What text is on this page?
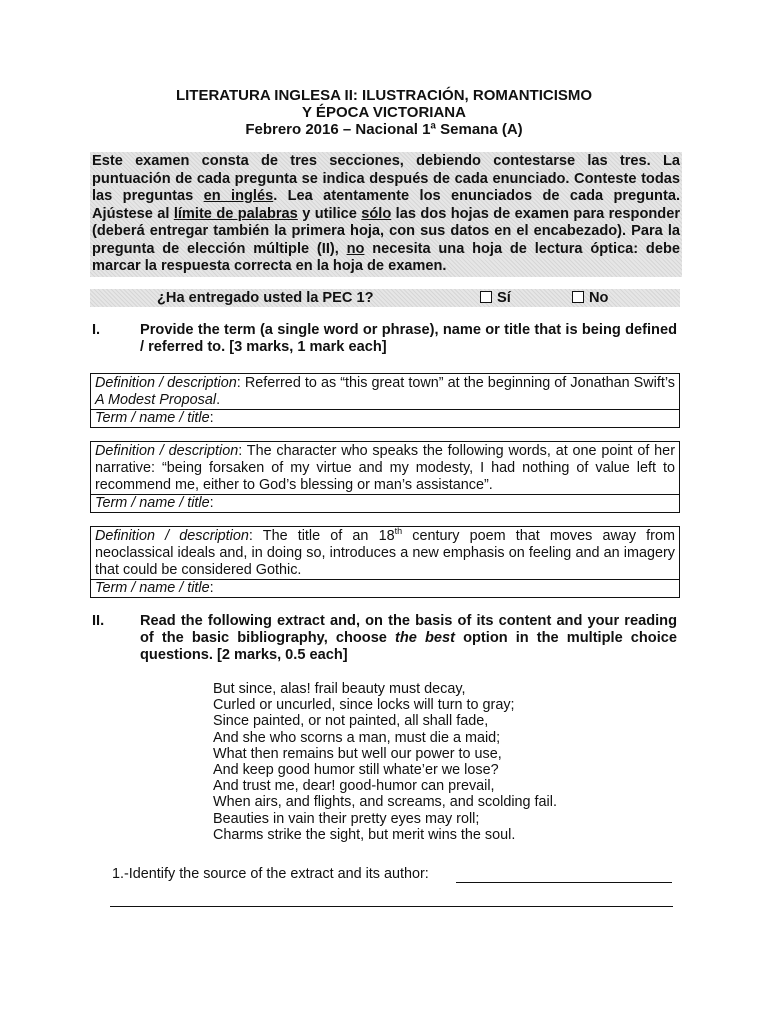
LITERATURA INGLESA II: ILUSTRACIÓN, ROMANTICISMO
Y ÉPOCA VICTORIANA
Febrero 2016 – Nacional 1ª Semana (A)
Este examen consta de tres secciones, debiendo contestarse las tres. La puntuación de cada pregunta se indica después de cada enunciado. Conteste todas las preguntas en inglés. Lea atentamente los enunciados de cada pregunta. Ajústese al límite de palabras y utilice sólo las dos hojas de examen para responder (deberá entregar también la primera hoja, con sus datos en el encabezado). Para la pregunta de elección múltiple (II), no necesita una hoja de lectura óptica: debe marcar la respuesta correcta en la hoja de examen.
¿Ha entregado usted la PEC 1?	Sí	No
I.	Provide the term (a single word or phrase), name or title that is being defined / referred to. [3 marks, 1 mark each]
Definition / description: Referred to as “this great town” at the beginning of Jonathan Swift’s A Modest Proposal.
Term / name / title:
Definition / description: The character who speaks the following words, at one point of her narrative: “being forsaken of my virtue and my modesty, I had nothing of value left to recommend me, either to God’s blessing or man’s assistance”.
Term / name / title:
Definition / description: The title of an 18th century poem that moves away from neoclassical ideals and, in doing so, introduces a new emphasis on feeling and an imagery that could be considered Gothic.
Term / name / title:
II. Read the following extract and, on the basis of its content and your reading of the basic bibliography, choose the best option in the multiple choice questions. [2 marks, 0.5 each]
But since, alas! frail beauty must decay,
Curled or uncurled, since locks will turn to gray;
Since painted, or not painted, all shall fade,
And she who scorns a man, must die a maid;
What then remains but well our power to use,
And keep good humor still whate’er we lose?
And trust me, dear! good-humor can prevail,
When airs, and flights, and screams, and scolding fail.
Beauties in vain their pretty eyes may roll;
Charms strike the sight, but merit wins the soul.
1.-Identify the source of the extract and its author:
